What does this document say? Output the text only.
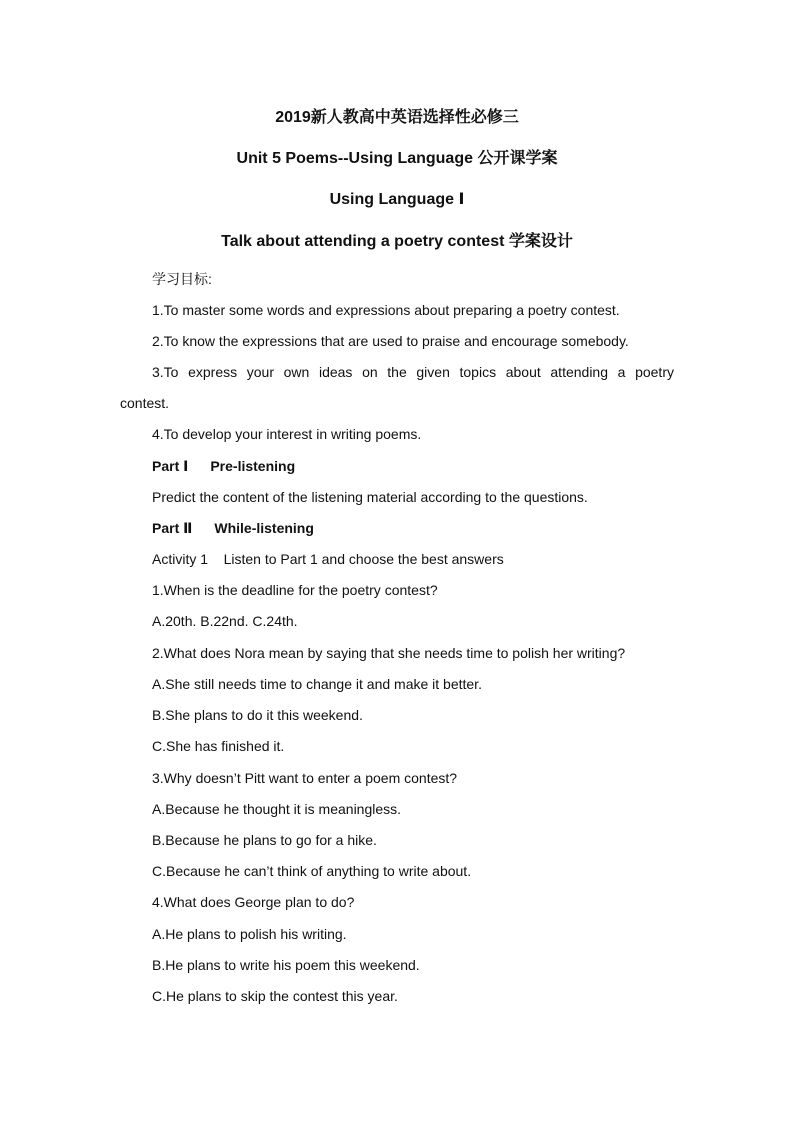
2019新人教高中英语选择性必修三
Unit 5 Poems--Using Language 公开课学案
Using Language Ⅰ
Talk about attending a poetry contest 学案设计
学习目标:
1.To master some words and expressions about preparing a poetry contest.
2.To know the expressions that are used to praise and encourage somebody.
3.To express your own ideas on the given topics about attending a poetry
contest.
4.To develop your interest in writing poems.
Part Ⅰ Pre-listening
Predict the content of the listening material according to the questions.
Part Ⅱ While-listening
Activity 1    Listen to Part 1 and choose the best answers
1.When is the deadline for the poetry contest?
A.20th. B.22nd. C.24th.
2.What does Nora mean by saying that she needs time to polish her writing?
A.She still needs time to change it and make it better.
B.She plans to do it this weekend.
C.She has finished it.
3.Why doesn’t Pitt want to enter a poem contest?
A.Because he thought it is meaningless.
B.Because he plans to go for a hike.
C.Because he can’t think of anything to write about.
4.What does George plan to do?
A.He plans to polish his writing.
B.He plans to write his poem this weekend.
C.He plans to skip the contest this year.
